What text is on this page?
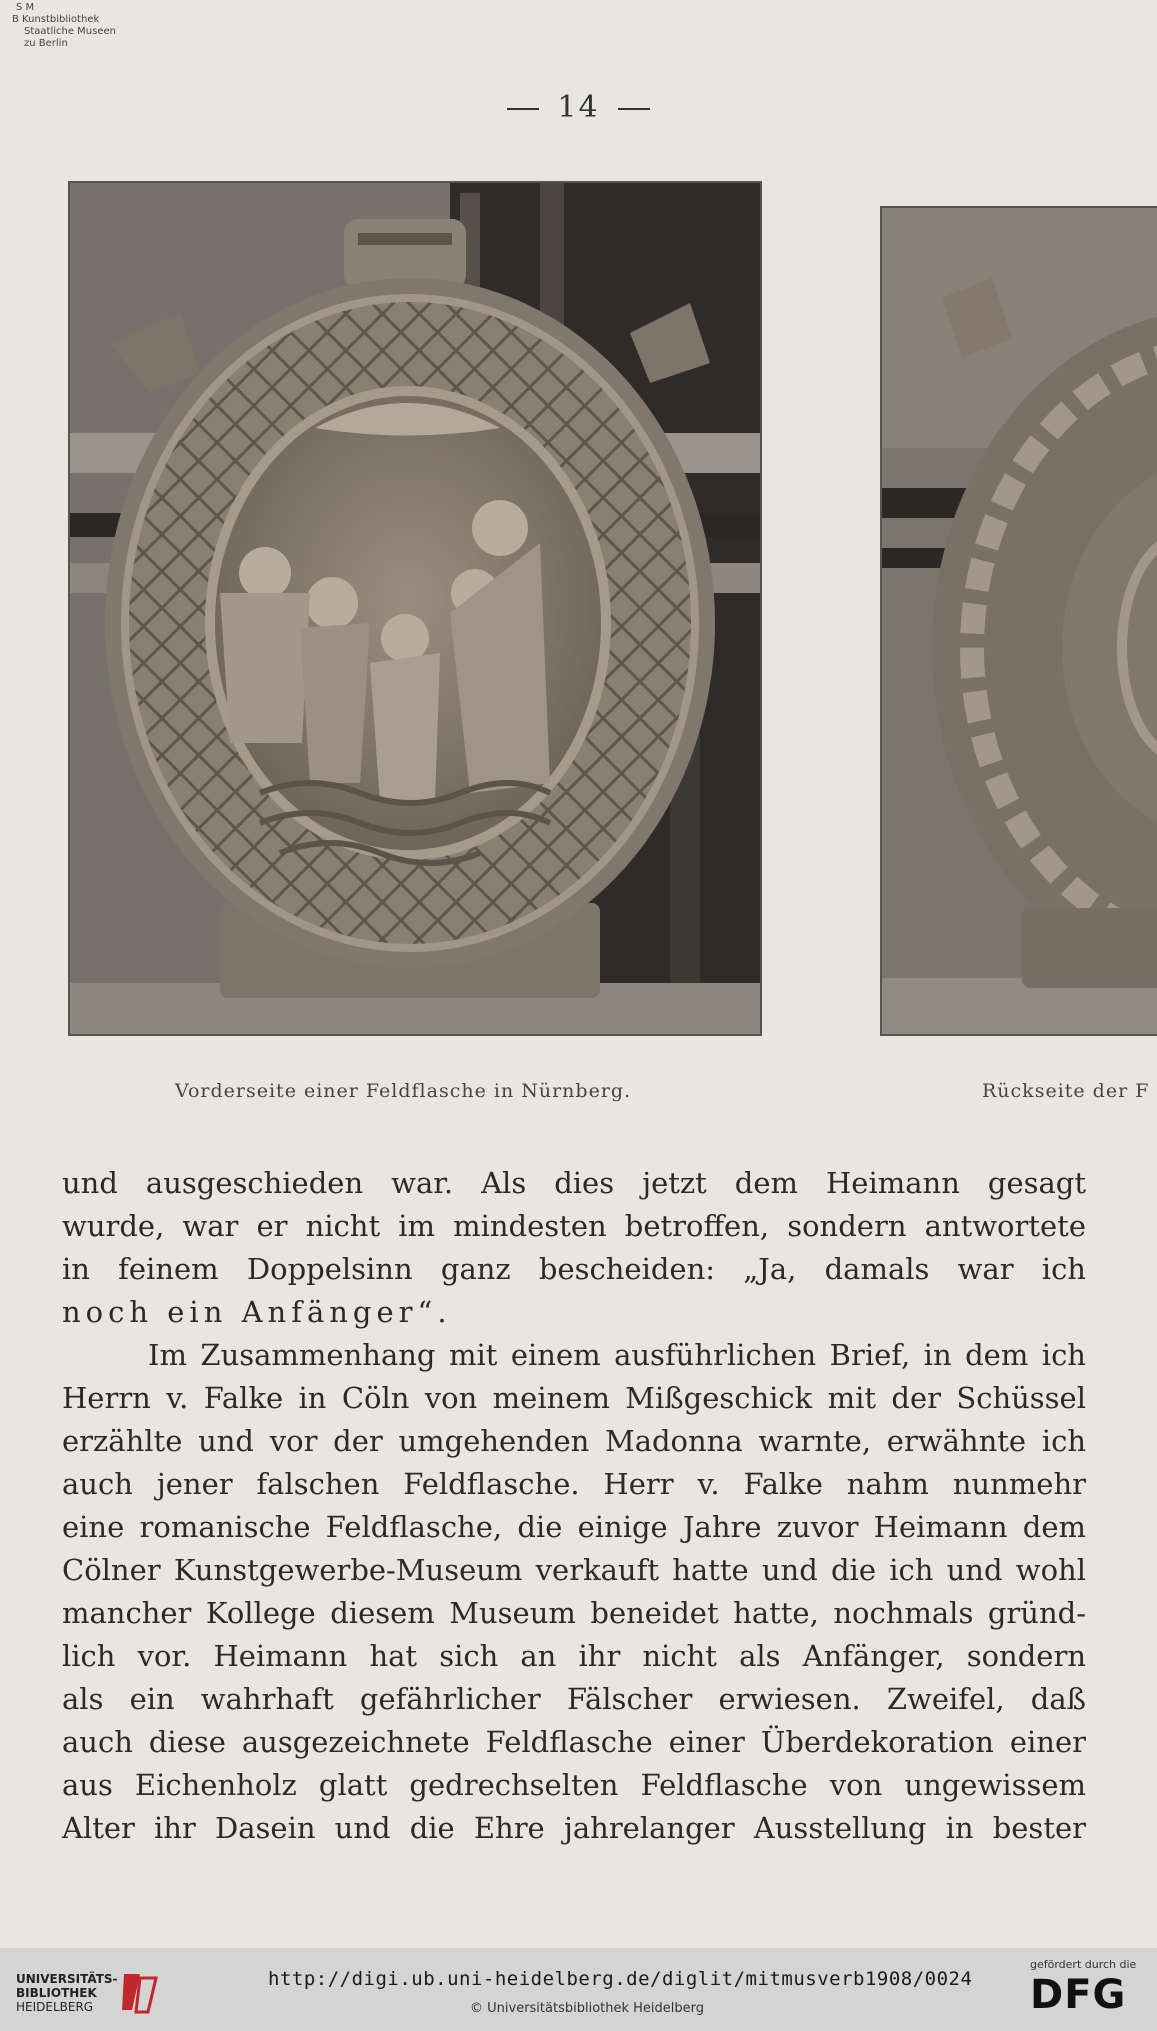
S M
B Kunstbibliothek
Staatliche Museen
zu Berlin
14
Vorderseite einer Feldflasche in Nürnberg.	Rückseite der F
und ausgeschieden war. Als dies jetzt dem Heimann gesagt
wurde, war er nicht im mindesten betroffen, sondern antwortete
in feinem Doppelsinn ganz bescheiden: „Ja, damals war ich
noch ein Anfänger“.
Im Zusammenhang mit einem ausführlichen Brief, in dem ich
Herrn v. Falke in Cöln von meinem Mißgeschick mit der Schüssel
erzählte und vor der umgehenden Madonna warnte, erwähnte ich
auch jener falschen Feldflasche. Herr v. Falke nahm nunmehr
eine romanische Feldflasche, die einige Jahre zuvor Heimann dem
Cölner Kunstgewerbe-Museum verkauft hatte und die ich und wohl
mancher Kollege diesem Museum beneidet hatte, nochmals gründ-
lich vor. Heimann hat sich an ihr nicht als Anfänger, sondern
als ein wahrhaft gefährlicher Fälscher erwiesen. Zweifel, daß
auch diese ausgezeichnete Feldflasche einer Überdekoration einer
aus Eichenholz glatt gedrechselten Feldflasche von ungewissem
Alter ihr Dasein und die Ehre jahrelanger Ausstellung in bester
UNIVERSITÄTS-
BIBLIOTHEK
HEIDELBERG
http://digi.ub.uni-heidelberg.de/diglit/mitmusverb1908/0024
© Universitätsbibliothek Heidelberg
gefördert durch die
DFG
